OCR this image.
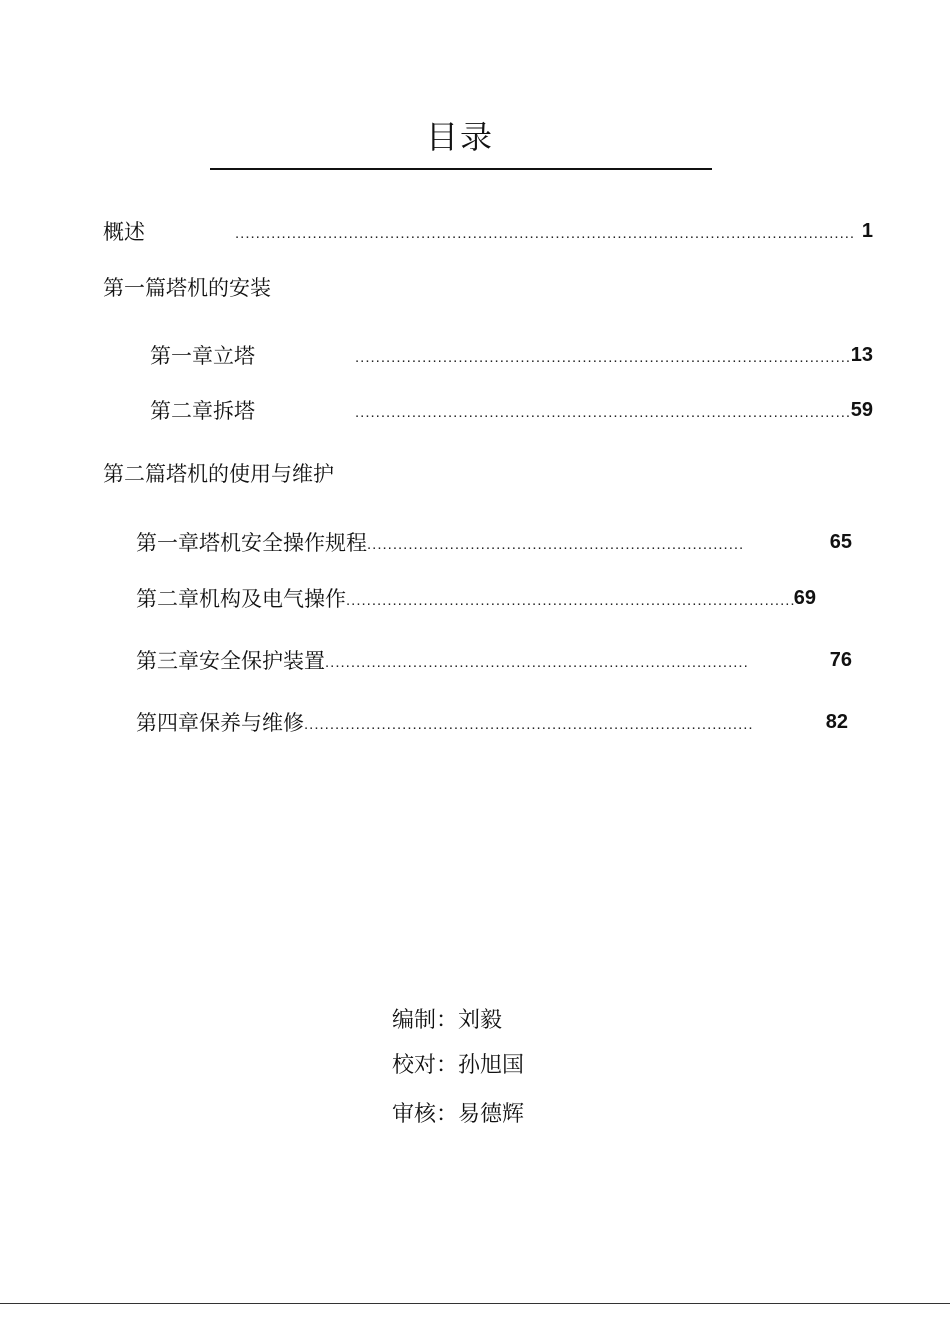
目录
概述 .....	1
第一篇塔机的安装
第一章立塔 .....	13
第二章拆塔 .....	59
第二篇塔机的使用与维护
第一章塔机安全操作规程 .....	65
第二章机构及电气操作 .....	69
第三章安全保护装置 .....	76
第四章保养与维修 .....	82
编制：刘毅
校对：孙旭国
审核：易德辉
